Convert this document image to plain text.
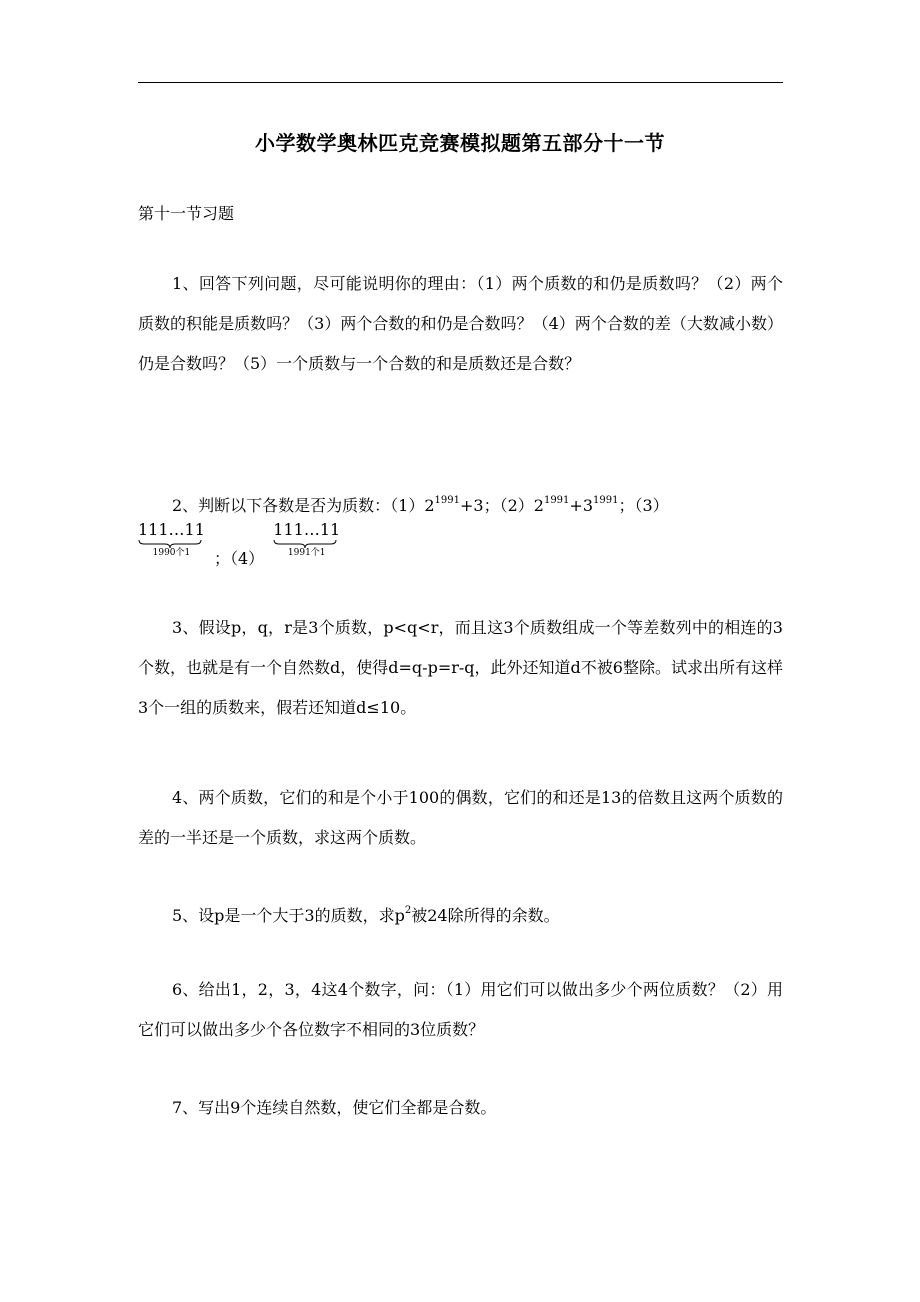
小学数学奥林匹克竞赛模拟题第五部分十一节
第十一节习题
1、回答下列问题，尽可能说明你的理由：（1）两个质数的和仍是质数吗？（2）两个质数的积能是质数吗？（3）两个合数的和仍是合数吗？（4）两个合数的差（大数减小数）仍是合数吗？（5）一个质数与一个合数的和是质数还是合数？
2、判断以下各数是否为质数：$(1)2^{1991}+3$；$(2)2^{1991}+3^{1991}$；（3）
111…11
1990个1	；（4）
111…11
1991个1
3、假设p，q，r是3个质数，p<q<r，而且这3个质数组成一个等差数列中的相连的3个数，也就是有一个自然数d，使得d=q-p=r-q，此外还知道d不被6整除。试求出所有这样3个一组的质数来，假若还知道d≤10。
4、两个质数，它们的和是个小于100的偶数，它们的和还是13的倍数且这两个质数的差的一半还是一个质数，求这两个质数。
5、设p是一个大于3的质数，求$p^2$被24除所得的余数。
6、给出1，2，3，4这4个数字，问：（1）用它们可以做出多少个两位质数？（2）用它们可以做出多少个各位数字不相同的3位质数？
7、写出9个连续自然数，使它们全都是合数。
